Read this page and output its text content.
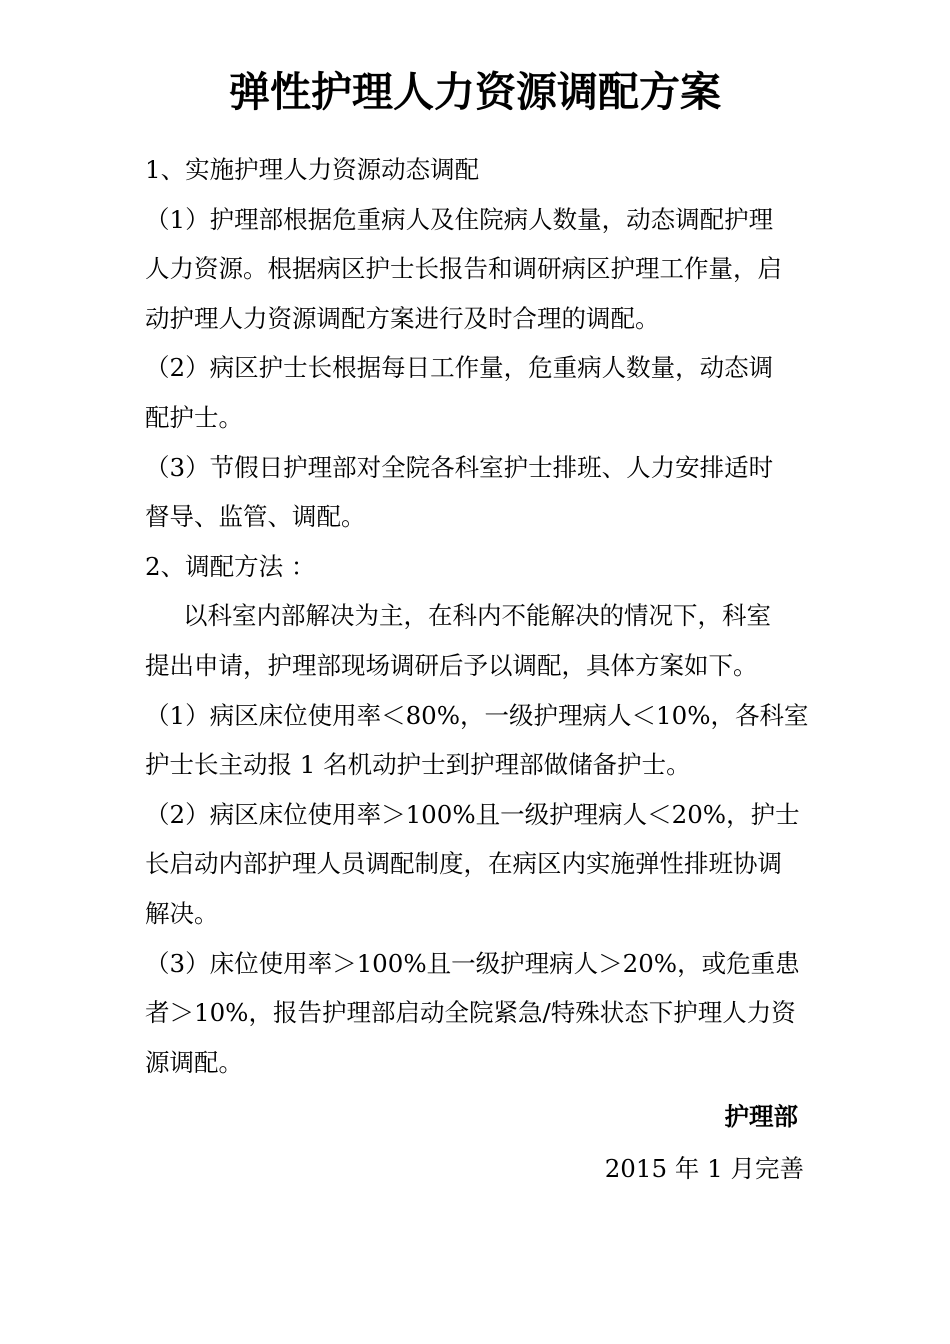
弹性护理人力资源调配方案
1、实施护理人力资源动态调配
（1）护理部根据危重病人及住院病人数量，动态调配护理
人力资源。根据病区护士长报告和调研病区护理工作量，启
动护理人力资源调配方案进行及时合理的调配。
（2）病区护士长根据每日工作量，危重病人数量，动态调
配护士。
（3）节假日护理部对全院各科室护士排班、人力安排适时
督导、监管、调配。
2、调配方法 ：
以科室内部解决为主，在科内不能解决的情况下，科室
提出申请，护理部现场调研后予以调配，具体方案如下。
（1）病区床位使用率＜80%，一级护理病人＜10%，各科室
护士长主动报 1 名机动护士到护理部做储备护士。
（2）病区床位使用率＞100%且一级护理病人＜20%，护士
长启动内部护理人员调配制度，在病区内实施弹性排班协调
解决。
（3）床位使用率＞100%且一级护理病人＞20%，或危重患
者＞10%，报告护理部启动全院紧急/特殊状态下护理人力资
源调配。
护理部
2015 年 1 月完善
